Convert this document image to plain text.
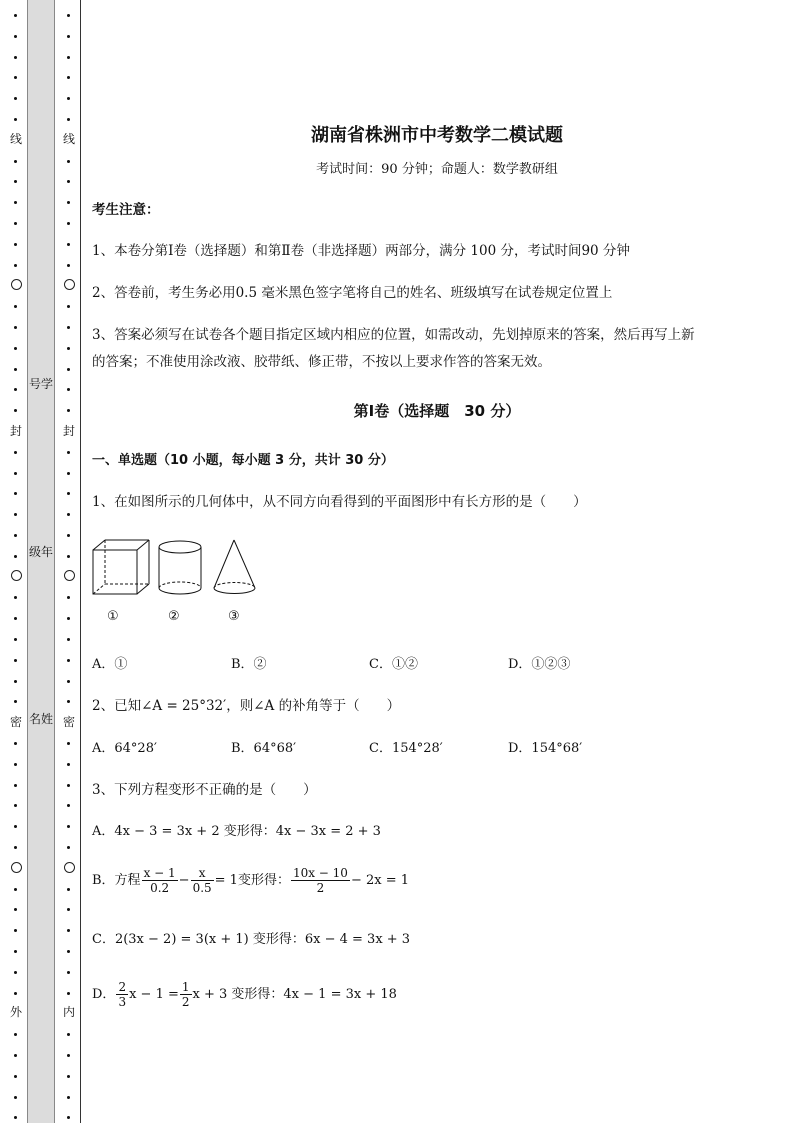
线
封
密
外
线
封
密
内
号学
级年
名姓
湖南省株洲市中考数学二模试题
考试时间：90 分钟；命题人：数学教研组
考生注意：
1、本卷分第Ⅰ卷（选择题）和第Ⅱ卷（非选择题）两部分，满分 100 分，考试时间90 分钟
2、答卷前，考生务必用0.5 毫米黑色签字笔将自己的姓名、班级填写在试卷规定位置上
3、答案必须写在试卷各个题目指定区域内相应的位置，如需改动，先划掉原来的答案，然后再写上新
的答案；不准使用涂改液、胶带纸、修正带，不按以上要求作答的答案无效。
第Ⅰ卷（选择题　30 分）
一、单选题（10 小题，每小题 3 分，共计 30 分）
1、在如图所示的几何体中，从不同方向看得到的平面图形中有长方形的是（　　）
①	②	③
A．①	B．②	C．①②	D．①②③
2、已知∠A = 25°32′，则∠A 的补角等于（　　）
A．64°28′	B．64°68′	C．154°28′	D．154°68′
3、下列方程变形不正确的是（　　）
A．4x − 3 = 3x + 2 变形得：4x − 3x = 2 + 3
B．方程 $\frac{x - 1}{0.2} - \frac{x}{0.5} = 1$变形得： $\frac{10x - 10}{2} - 2x = 1$
C．2(3x − 2) = 3(x + 1) 变形得：6x − 4 = 3x + 3
D． $\frac{2}{3}$ $x - 1 = \frac{1}{2}$ x + 3 变形得：4x − 1 = 3x + 18
